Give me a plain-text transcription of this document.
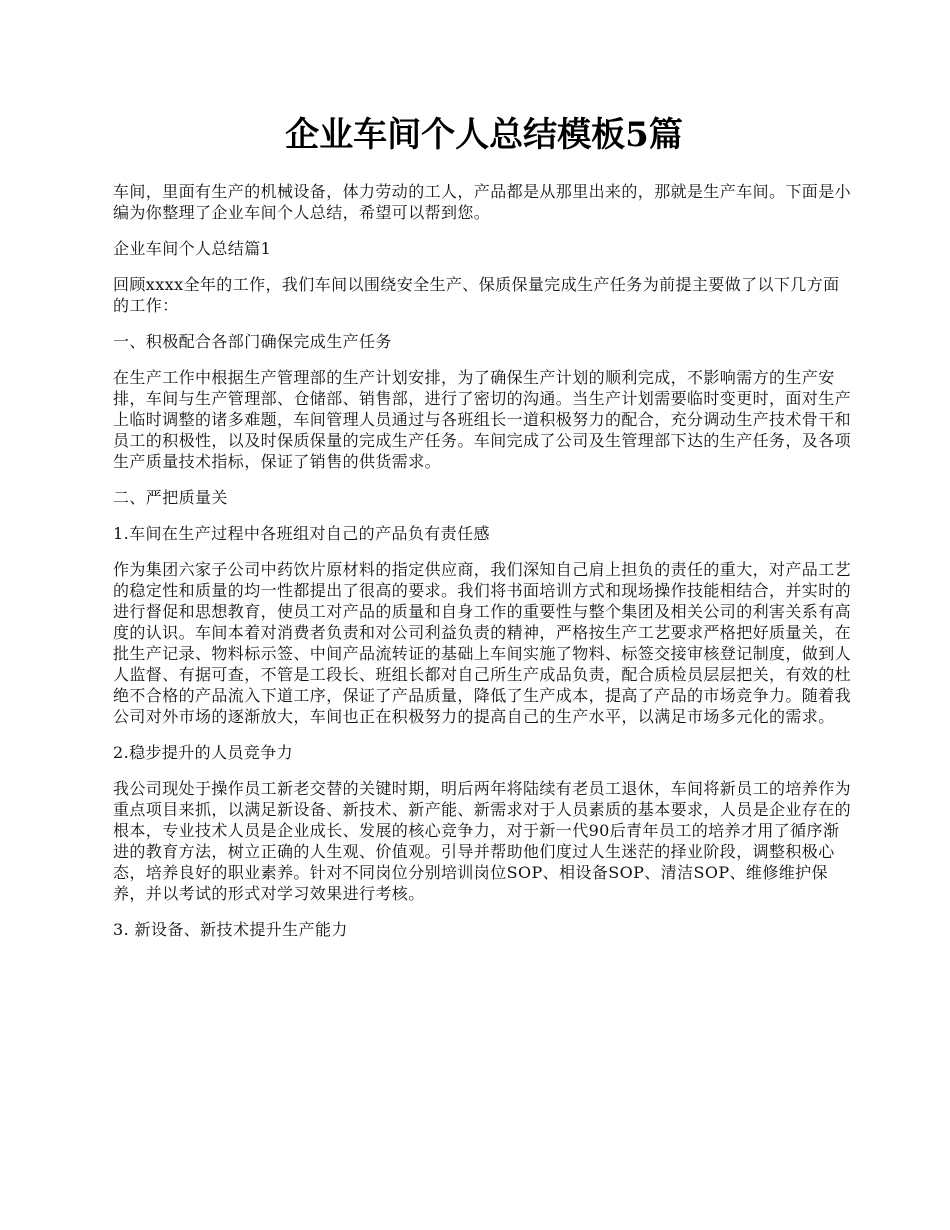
企业车间个人总结模板5篇

车间，里面有生产的机械设备，体力劳动的工人，产品都是从那里出来的，那就是生产车间。下面是小编为你整理了企业车间个人总结，希望可以帮到您。

企业车间个人总结篇1

回顾xxxx全年的工作，我们车间以围绕安全生产、保质保量完成生产任务为前提主要做了以下几方面的工作：

一、积极配合各部门确保完成生产任务

在生产工作中根据生产管理部的生产计划安排，为了确保生产计划的顺利完成，不影响需方的生产安排，车间与生产管理部、仓储部、销售部，进行了密切的沟通。当生产计划需要临时变更时，面对生产上临时调整的诸多难题，车间管理人员通过与各班组长一道积极努力的配合，充分调动生产技术骨干和员工的积极性，以及时保质保量的完成生产任务。车间完成了公司及生管理部下达的生产任务，及各项生产质量技术指标，保证了销售的供货需求。

二、严把质量关

1.车间在生产过程中各班组对自己的产品负有责任感

作为集团六家子公司中药饮片原材料的指定供应商，我们深知自己肩上担负的责任的重大，对产品工艺的稳定性和质量的均一性都提出了很高的要求。我们将书面培训方式和现场操作技能相结合，并实时的进行督促和思想教育，使员工对产品的质量和自身工作的重要性与整个集团及相关公司的利害关系有高度的认识。车间本着对消费者负责和对公司利益负责的精神，严格按生产工艺要求严格把好质量关，在批生产记录、物料标示签、中间产品流转证的基础上车间实施了物料、标签交接审核登记制度，做到人人监督、有据可查，不管是工段长、班组长都对自己所生产成品负责，配合质检员层层把关，有效的杜绝不合格的产品流入下道工序，保证了产品质量，降低了生产成本，提高了产品的市场竞争力。随着我公司对外市场的逐渐放大，车间也正在积极努力的提高自己的生产水平，以满足市场多元化的需求。

2.稳步提升的人员竞争力

我公司现处于操作员工新老交替的关键时期，明后两年将陆续有老员工退休，车间将新员工的培养作为重点项目来抓，以满足新设备、新技术、新产能、新需求对于人员素质的基本要求，人员是企业存在的根本，专业技术人员是企业成长、发展的核心竞争力，对于新一代90后青年员工的培养才用了循序渐进的教育方法，树立正确的人生观、价值观。引导并帮助他们度过人生迷茫的择业阶段，调整积极心态，培养良好的职业素养。针对不同岗位分别培训岗位SOP、相设备SOP、清洁SOP、维修维护保养，并以考试的形式对学习效果进行考核。

3. 新设备、新技术提升生产能力
